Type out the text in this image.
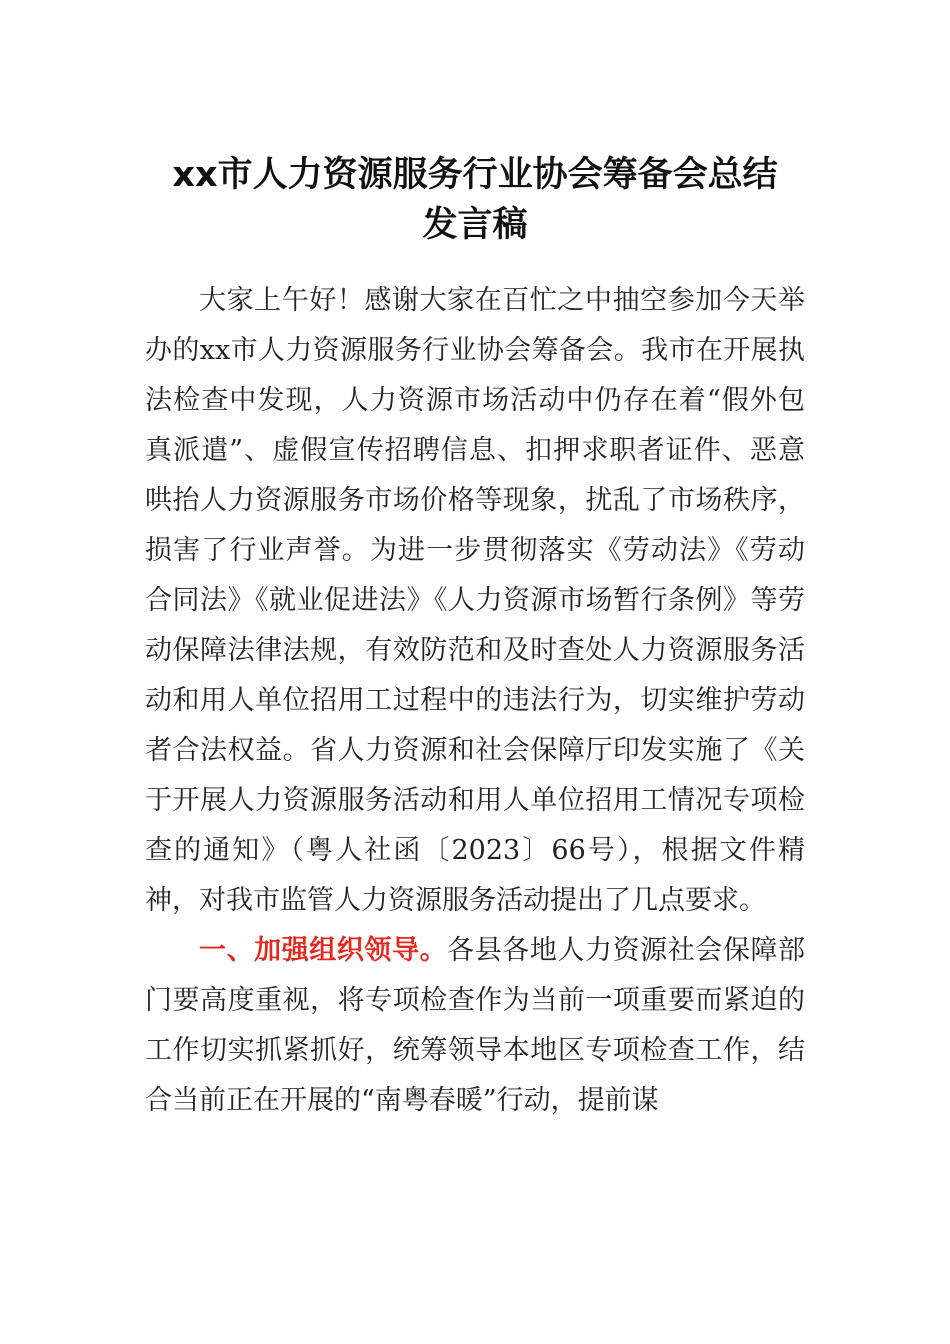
xx市人力资源服务行业协会筹备会总结
发言稿

大家上午好！感谢大家在百忙之中抽空参加今天举办的xx市人力资源服务行业协会筹备会。我市在开展执法检查中发现，人力资源市场活动中仍存在着“假外包真派遣”、虚假宣传招聘信息、扣押求职者证件、恶意哄抬人力资源服务市场价格等现象，扰乱了市场秩序，损害了行业声誉。为进一步贯彻落实《劳动法》《劳动合同法》《就业促进法》《人力资源市场暂行条例》等劳动保障法律法规，有效防范和及时查处人力资源服务活动和用人单位招用工过程中的违法行为，切实维护劳动者合法权益。省人力资源和社会保障厅印发实施了《关于开展人力资源服务活动和用人单位招用工情况专项检查的通知》（粤人社函〔2023〕66号），根据文件精神，对我市监管人力资源服务活动提出了几点要求。

一、加强组织领导。各县各地人力资源社会保障部门要高度重视，将专项检查作为当前一项重要而紧迫的工作切实抓紧抓好，统筹领导本地区专项检查工作，结合当前正在开展的“南粤春暖”行动，提前谋
